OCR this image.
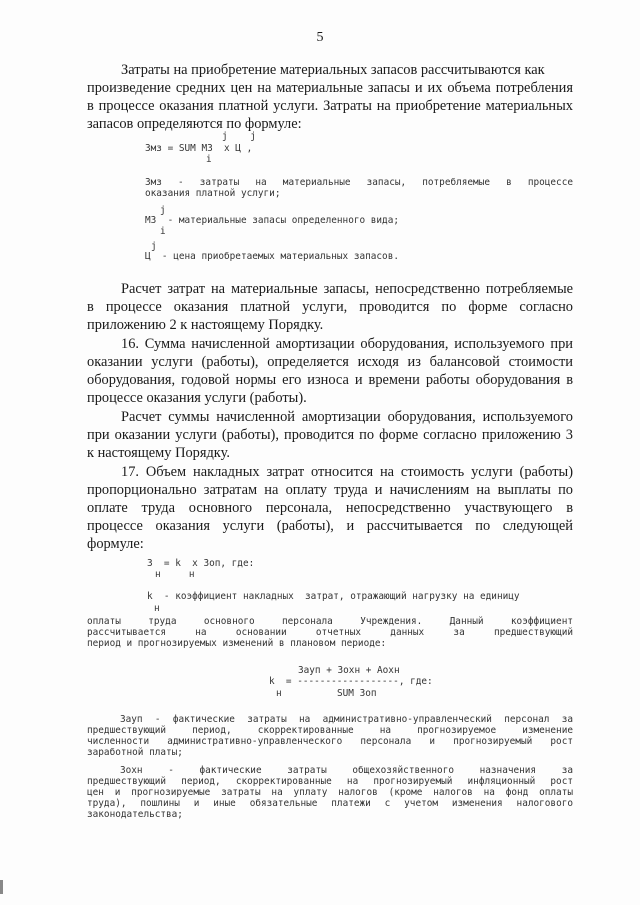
5
Затраты на приобретение материальных запасов рассчитываются как
произведение средних цен на материальные запасы и их объема потребления
в процессе оказания платной услуги. Затраты на приобретение материальных
запасов определяются по формуле:
j    j
Змз = SUM МЗ  x Ц ,
i
Змз - затраты на материальные запасы, потребляемые в процессе
оказания платной услуги;
j
МЗ  - материальные запасы определенного вида;
i
j
Ц  - цена приобретаемых материальных запасов.
Расчет затрат на материальные запасы, непосредственно потребляемые
в процессе оказания платной услуги, проводится по форме согласно
приложению 2 к настоящему Порядку.
16. Сумма начисленной амортизации оборудования, используемого при
оказании услуги (работы), определяется исходя из балансовой стоимости
оборудования, годовой нормы его износа и времени работы оборудования в
процессе оказания услуги (работы).
Расчет суммы начисленной амортизации оборудования, используемого
при оказании услуги (работы), проводится по форме согласно приложению 3
к настоящему Порядку.
17. Объем накладных затрат относится на стоимость услуги (работы)
пропорционально затратам на оплату труда и начислениям на выплаты по
оплате труда основного персонала, непосредственно участвующего в
процессе оказания услуги (работы), и рассчитывается по следующей
формуле:
З  = k  x Зоп, где:
н     н
k  - коэффициент накладных  затрат, отражающий нагрузку на единицу
н
оплаты труда основного персонала Учреждения. Данный коэффициент
рассчитывается на основании отчетных данных за предшествующий
период и прогнозируемых изменений в плановом периоде:
Зауп + Зохн + Аохн
k  = ------------------, где:
н	SUM Зоп
Зауп - фактические затраты на административно-управленческий персонал за
предшествующий период, скорректированные на прогнозируемое изменение
численности административно-управленческого персонала и прогнозируемый рост
заработной платы;
Зохн - фактические затраты общехозяйственного назначения за
предшествующий период, скорректированные на прогнозируемый инфляционный рост
цен и прогнозируемые затраты на уплату налогов (кроме налогов на фонд оплаты
труда), пошлины и иные обязательные платежи с учетом изменения налогового
законодательства;
